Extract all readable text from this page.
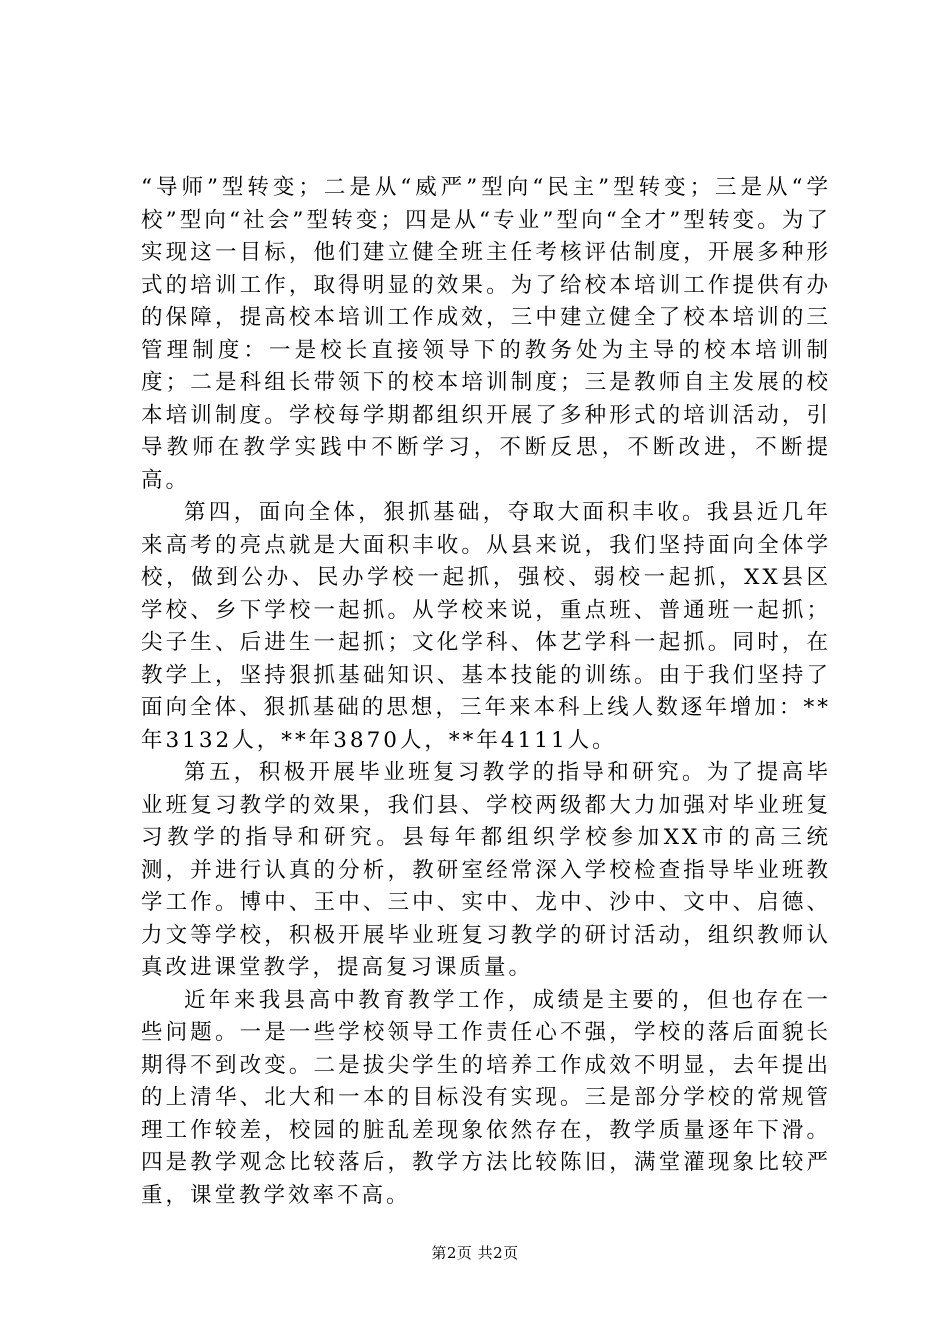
“导师”型转变；二是从“威严”型向“民主”型转变；三是从“学校”型向“社会”型转变；四是从“专业”型向“全才”型转变。为了实现这一目标，他们建立健全班主任考核评估制度，开展多种形式的培训工作，取得明显的效果。为了给校本培训工作提供有办的保障，提高校本培训工作成效，三中建立健全了校本培训的三管理制度：一是校长直接领导下的教务处为主导的校本培训制度；二是科组长带领下的校本培训制度；三是教师自主发展的校本培训制度。学校每学期都组织开展了多种形式的培训活动，引导教师在教学实践中不断学习，不断反思，不断改进，不断提高。

第四，面向全体，狠抓基础，夺取大面积丰收。我县近几年来高考的亮点就是大面积丰收。从县来说，我们坚持面向全体学校，做到公办、民办学校一起抓，强校、弱校一起抓，XX县区学校、乡下学校一起抓。从学校来说，重点班、普通班一起抓；尖子生、后进生一起抓；文化学科、体艺学科一起抓。同时，在教学上，坚持狠抓基础知识、基本技能的训练。由于我们坚持了面向全体、狠抓基础的思想，三年来本科上线人数逐年增加：**年3132人，**年3870人，**年4111人。

第五，积极开展毕业班复习教学的指导和研究。为了提高毕业班复习教学的效果，我们县、学校两级都大力加强对毕业班复习教学的指导和研究。县每年都组织学校参加XX市的高三统测，并进行认真的分析，教研室经常深入学校检查指导毕业班教学工作。博中、王中、三中、实中、龙中、沙中、文中、启德、力文等学校，积极开展毕业班复习教学的研讨活动，组织教师认真改进课堂教学，提高复习课质量。

近年来我县高中教育教学工作，成绩是主要的，但也存在一些问题。一是一些学校领导工作责任心不强，学校的落后面貌长期得不到改变。二是拔尖学生的培养工作成效不明显，去年提出的上清华、北大和一本的目标没有实现。三是部分学校的常规管理工作较差，校园的脏乱差现象依然存在，教学质量逐年下滑。四是教学观念比较落后，教学方法比较陈旧，满堂灌现象比较严重，课堂教学效率不高。

第2页 共2页
